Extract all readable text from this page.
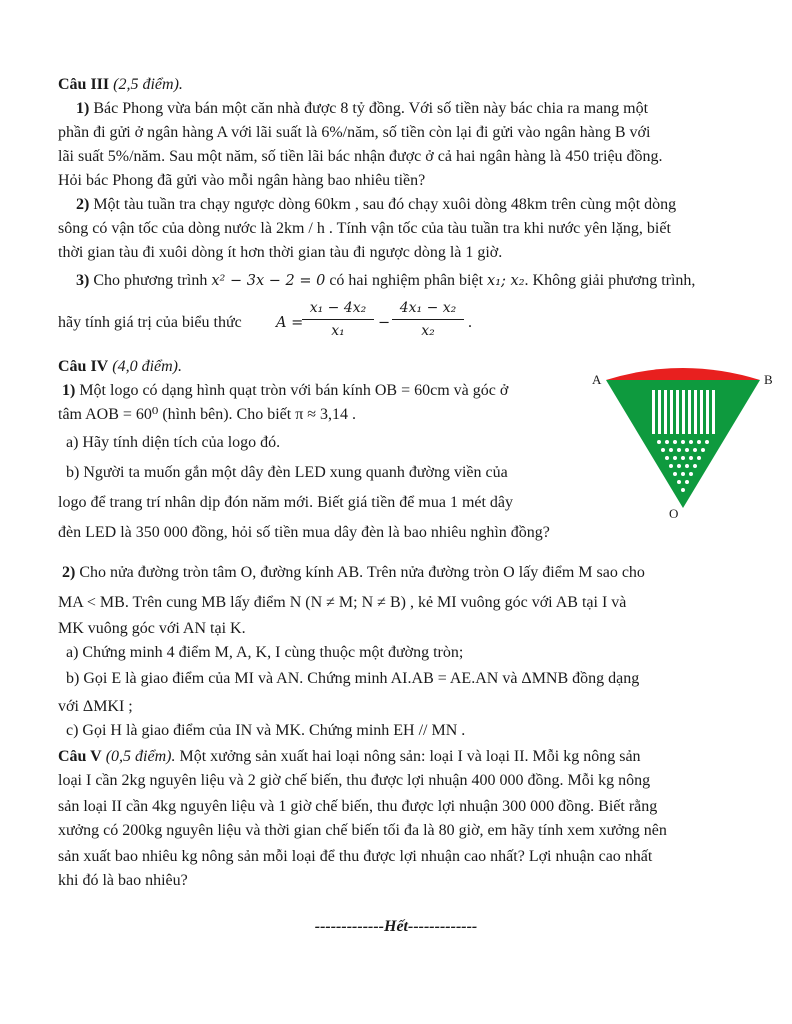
Câu III (2,5 điểm).
1) Bác Phong vừa bán một căn nhà được 8 tỷ đồng. Với số tiền này bác chia ra mang một
phần đi gửi ở ngân hàng A với lãi suất là 6%/năm, số tiền còn lại đi gửi vào ngân hàng B với
lãi suất 5%/năm. Sau một năm, số tiền lãi bác nhận được ở cả hai ngân hàng là 450 triệu đồng.
Hỏi bác Phong đã gửi vào mỗi ngân hàng bao nhiêu tiền?
2) Một tàu tuần tra chạy ngược dòng 60km , sau đó chạy xuôi dòng 48km trên cùng một dòng
sông có vận tốc của dòng nước là 2km / h . Tính vận tốc của tàu tuần tra khi nước yên lặng, biết
thời gian tàu đi xuôi dòng ít hơn thời gian tàu đi ngược dòng là 1 giờ.
3) Cho phương trình x² − 3x − 2 = 0 có hai nghiệm phân biệt x₁; x₂. Không giải phương trình,
hãy tính giá trị của biểu thức A =
$\frac{\text{x₁ − 4x₂}}{\text{x₁}} - \frac{\text{4x₁ − x₂}}{\text{x₂}}$ .
Câu IV (4,0 điểm).
1) Một logo có dạng hình quạt tròn với bán kính OB = 60cm và góc ở
tâm AOB = 60⁰ (hình bên). Cho biết π ≈ 3,14 .
a) Hãy tính diện tích của logo đó.
b) Người ta muốn gắn một dây đèn LED xung quanh đường viền của
logo để trang trí nhân dịp đón năm mới. Biết giá tiền để mua 1 mét dây
đèn LED là 350 000 đồng, hỏi số tiền mua dây đèn là bao nhiêu nghìn đồng?
A	B
O
2) Cho nửa đường tròn tâm O, đường kính AB. Trên nửa đường tròn O lấy điểm M sao cho
MA < MB. Trên cung MB lấy điểm N (N ≠ M; N ≠ B) , kẻ MI vuông góc với AB tại I và
MK vuông góc với AN tại K.
a) Chứng minh 4 điểm M, A, K, I cùng thuộc một đường tròn;
b) Gọi E là giao điểm của MI và AN. Chứng minh AI.AB = AE.AN và ΔMNB đồng dạng
với ΔMKI ;
c) Gọi H là giao điểm của IN và MK. Chứng minh EH // MN .
Câu V (0,5 điểm). Một xưởng sản xuất hai loại nông sản: loại I và loại II. Mỗi kg nông sản
loại I cần 2kg nguyên liệu và 2 giờ chế biến, thu được lợi nhuận 400 000 đồng. Mỗi kg nông
sản loại II cần 4kg nguyên liệu và 1 giờ chế biến, thu được lợi nhuận 300 000 đồng. Biết rằng
xưởng có 200kg nguyên liệu và thời gian chế biến tối đa là 80 giờ, em hãy tính xem xưởng nên
sản xuất bao nhiêu kg nông sản mỗi loại để thu được lợi nhuận cao nhất? Lợi nhuận cao nhất
khi đó là bao nhiêu?
-------------Hết-------------
